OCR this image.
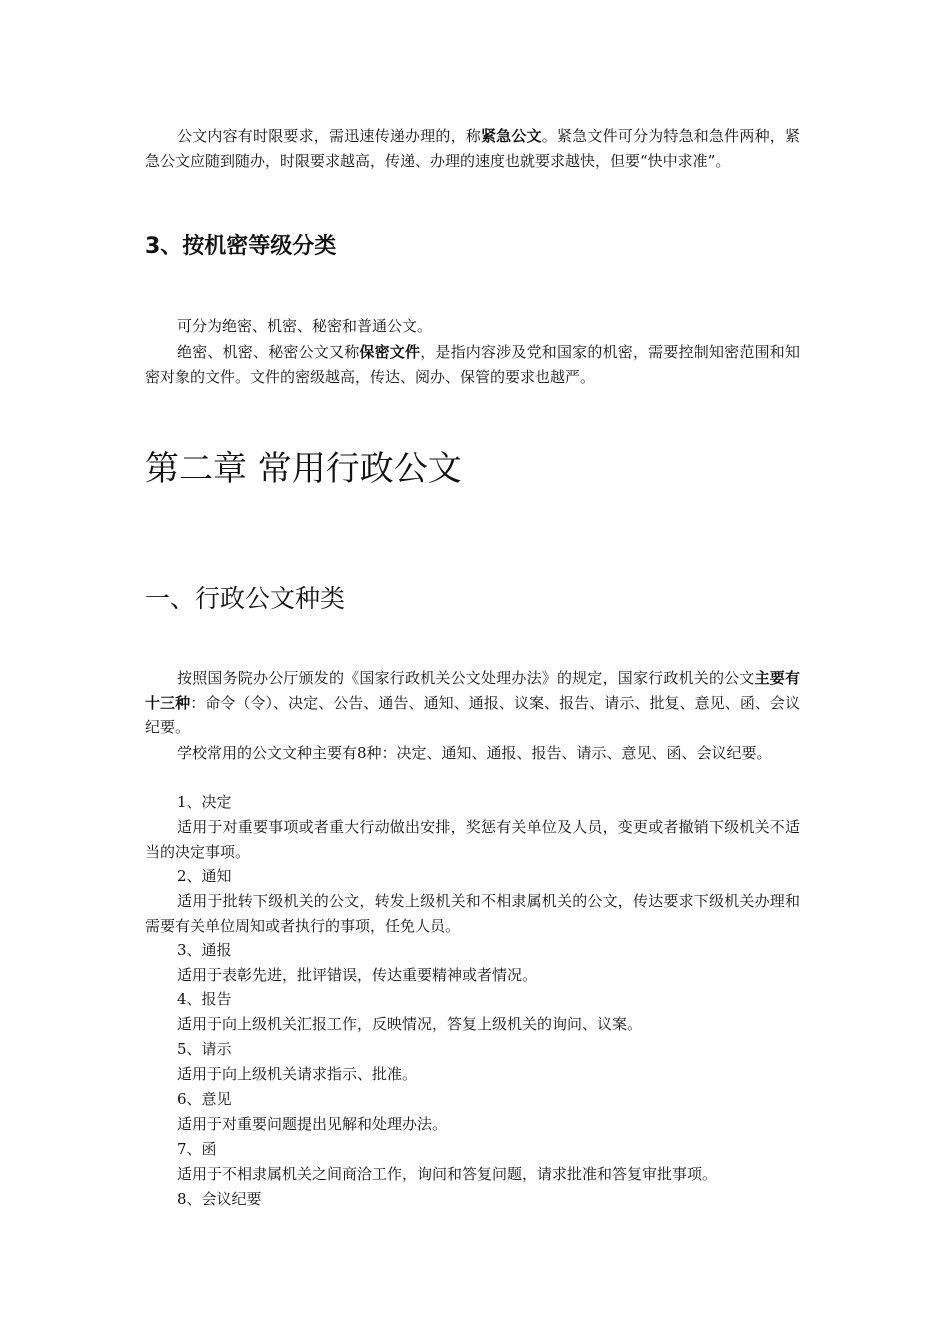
公文内容有时限要求，需迅速传递办理的，称紧急公文。紧急文件可分为特急和急件两种，紧急公文应随到随办，时限要求越高，传递、办理的速度也就要求越快，但要“快中求准”。
3、按机密等级分类
可分为绝密、机密、秘密和普通公文。
绝密、机密、秘密公文又称保密文件，是指内容涉及党和国家的机密，需要控制知密范围和知密对象的文件。文件的密级越高，传达、阅办、保管的要求也越严。
第二章 常用行政公文
一、行政公文种类
按照国务院办公厅颁发的《国家行政机关公文处理办法》的规定，国家行政机关的公文主要有十三种：命令（令）、决定、公告、通告、通知、通报、议案、报告、请示、批复、意见、函、会议纪要。
学校常用的公文文种主要有8种：决定、通知、通报、报告、请示、意见、函、会议纪要。
1、决定
适用于对重要事项或者重大行动做出安排，奖惩有关单位及人员，变更或者撤销下级机关不适当的决定事项。
2、通知
适用于批转下级机关的公文，转发上级机关和不相隶属机关的公文，传达要求下级机关办理和需要有关单位周知或者执行的事项，任免人员。
3、通报
适用于表彰先进，批评错误，传达重要精神或者情况。
4、报告
适用于向上级机关汇报工作，反映情况，答复上级机关的询问、议案。
5、请示
适用于向上级机关请求指示、批准。
6、意见
适用于对重要问题提出见解和处理办法。
7、函
适用于不相隶属机关之间商洽工作，询问和答复问题，请求批准和答复审批事项。
8、会议纪要
